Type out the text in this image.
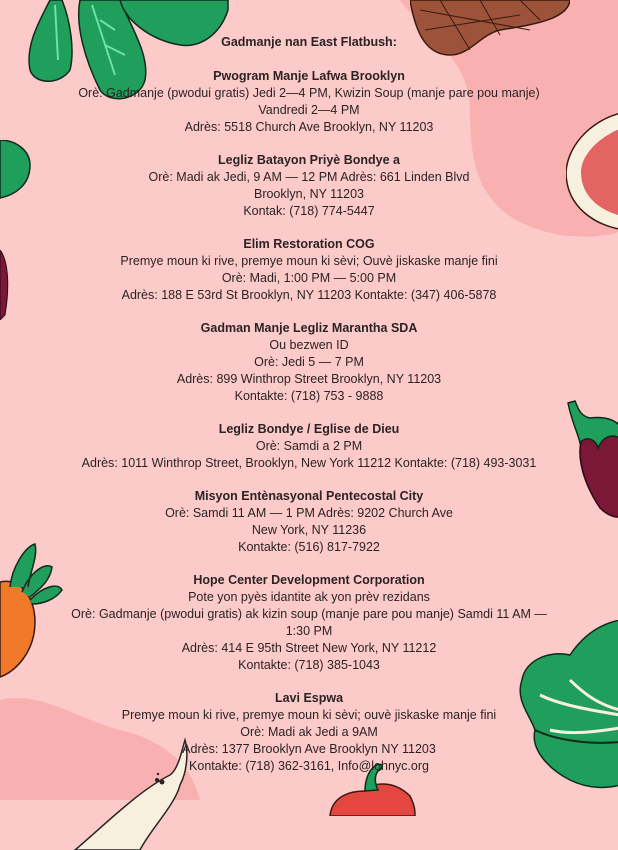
Gadmanje nan East Flatbush:
Pwogram Manje Lafwa Brooklyn
Orè: Gadmanje (pwodui gratis) Jedi 2—4 PM, Kwizin Soup (manje pare pou manje)
Vandredi 2—4 PM
Adrès: 5518 Church Ave Brooklyn, NY 11203
Legliz Batayon Priyè Bondye a
Orè: Madi ak Jedi, 9 AM — 12 PM Adrès: 661 Linden Blvd
Brooklyn, NY 11203
Kontak: (718) 774-5447
Elim Restoration COG
Premye moun ki rive, premye moun ki sèvi; Ouvè jiskaske manje fini
Orè: Madi, 1:00 PM — 5:00 PM
Adrès: 188 E 53rd St Brooklyn, NY 11203 Kontakte: (347) 406-5878
Gadman Manje Legliz Marantha SDA
Ou bezwen ID
Orè: Jedi 5 — 7 PM
Adrès: 899 Winthrop Street Brooklyn, NY 11203
Kontakte: (718) 753 - 9888
Legliz Bondye / Eglise de Dieu
Orè: Samdi a 2 PM
Adrès: 1011 Winthrop Street, Brooklyn, New York 11212 Kontakte: (718) 493-3031
Misyon Entènasyonal Pentecostal City
Orè: Samdi 11 AM — 1 PM Adrès: 9202 Church Ave
New York, NY 11236
Kontakte: (516) 817-7922
Hope Center Development Corporation
Pote yon pyès idantite ak yon prèv rezidans
Orè: Gadmanje (pwodui gratis) ak kizin soup (manje pare pou manje) Samdi 11 AM —
1:30 PM
Adrès: 414 E 95th Street New York, NY 11212
Kontakte: (718) 385-1043
Lavi Espwa
Premye moun ki rive, premye moun ki sèvi; ouvè jiskaske manje fini
Orè: Madi ak Jedi a 9AM
Adrès: 1377 Brooklyn Ave Brooklyn NY 11203
Kontakte: (718) 362-3161, Info@lohnyc.org
